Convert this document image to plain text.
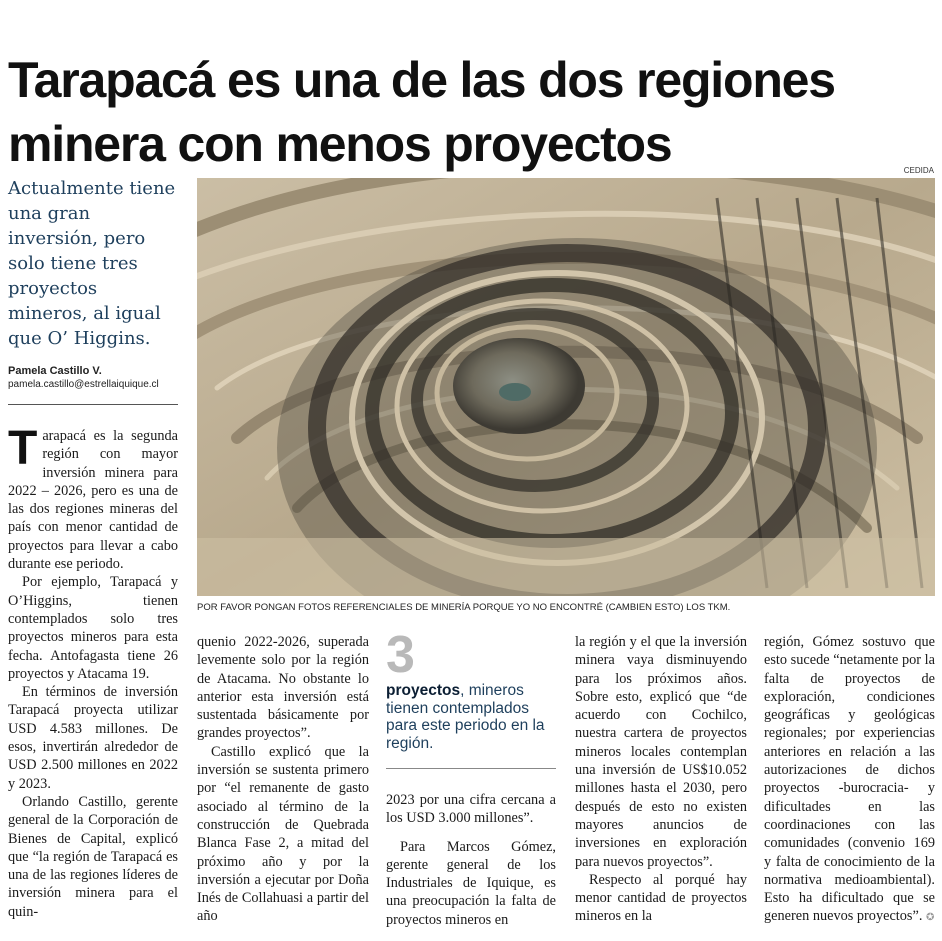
Tarapacá es una de las dos regiones
minera con menos proyectos	CEDIDA
Actualmente tiene una gran inversión, pero solo tiene tres proyectos mineros, al igual que O’ Higgins.
Pamela Castillo V.
pamela.castillo@estrellaiquique.cl

Tarapacá es la segunda región con mayor inversión minera para 2022 – 2026, pero es una de las dos regiones mineras del país con menor cantidad de proyectos para llevar a cabo durante ese periodo.

Por ejemplo, Tarapacá y O’Higgins, tienen contemplados solo tres proyectos mineros para esta fecha. Antofagasta tiene 26 proyectos y Atacama 19.

En términos de inversión Tarapacá proyecta utilizar USD 4.583 millones. De esos, invertirán alrededor de USD 2.500 millones en 2022 y 2023.

Orlando Castillo, gerente general de la Corporación de Bienes de Capital, explicó que “la región de Tarapacá es una de las regiones líderes de inversión minera para el quin-

POR FAVOR PONGAN FOTOS REFERENCIALES DE MINERÍA PORQUE YO NO ENCONTRÉ (CAMBIEN ESTO) LOS TKM.

quenio 2022-2026, superada levemente solo por la región de Atacama. No obstante lo anterior esta inversión está sustentada básicamente por grandes proyectos”.

Castillo explicó que la inversión se sustenta primero por “el remanente de gasto asociado al término de la construcción de Quebrada Blanca Fase 2, a mitad del próximo año y por la inversión a ejecutar por Doña Inés de Collahuasi a partir del año

3
proyectos, mineros tienen contemplados para este periodo en la región.

2023 por una cifra cercana a los USD 3.000 millones”.

Para Marcos Gómez, gerente general de los Industriales de Iquique, es una preocupación la falta de proyectos mineros en

la región y el que la inversión minera vaya disminuyendo para los próximos años. Sobre esto, explicó que “de acuerdo con Cochilco, nuestra cartera de proyectos mineros locales contemplan una inversión de US$10.052 millones hasta el 2030, pero después de esto no existen mayores anuncios de inversiones en exploración para nuevos proyectos”.

Respecto al porqué hay menor cantidad de proyectos mineros en la

región, Gómez sostuvo que esto sucede “netamente por la falta de proyectos de exploración, condiciones geográficas y geológicas regionales; por experiencias anteriores en relación a las autorizaciones de dichos proyectos -burocracia- y dificultades en las coordinaciones con las comunidades (convenio 169 y falta de conocimiento de la normativa medioambiental). Esto ha dificultado que se generen nuevos proyectos”. ✪
